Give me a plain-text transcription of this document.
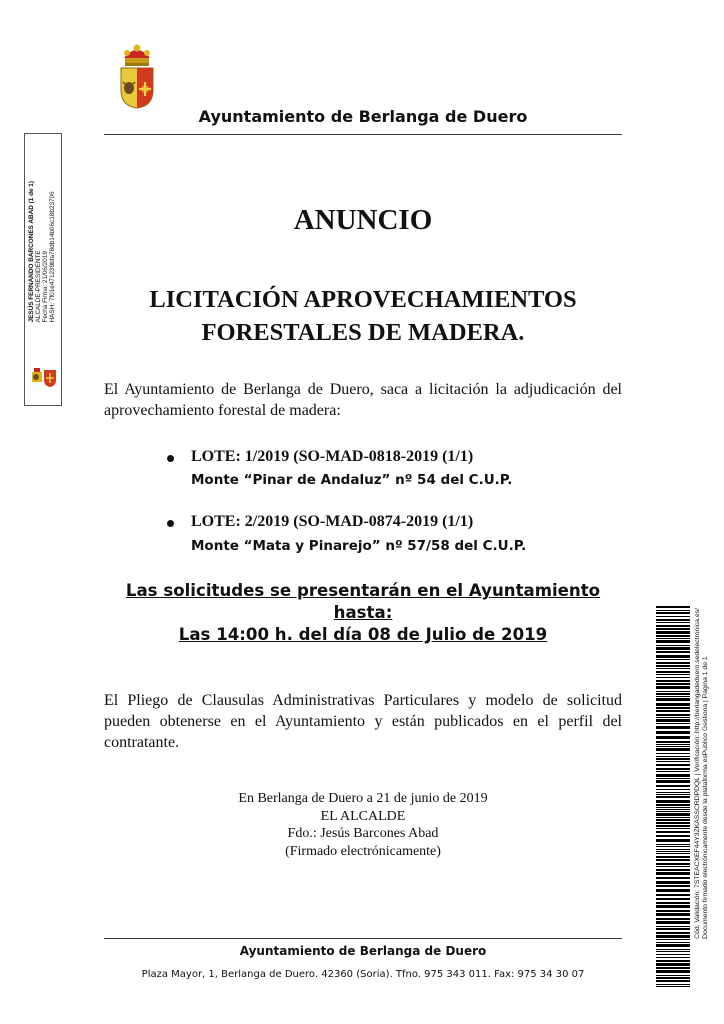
Ayuntamiento de Berlanga de Duero
JESÚS FERNANDO BARCONES ABAD (1 de 1) ALCALDE-PRESIDENTE Fecha Firma: 21/06/2019 HASH: 7f01e471239bfa78db14b06c18b23706	ANUNCIO
LICITACIÓN APROVECHAMIENTOS
FORESTALES DE MADERA.
El Ayuntamiento de Berlanga de Duero, saca a licitación la adjudicación del aprovechamiento forestal de madera:
LOTE: 1/2019 (SO-MAD-0818-2019 (1/1)
Monte “Pinar de Andaluz” nº 54 del C.U.P.
LOTE: 2/2019 (SO-MAD-0874-2019 (1/1)
Monte “Mata y Pinarejo” nº 57/58 del C.U.P.
Las solicitudes se presentarán en el Ayuntamiento
hasta:
Las 14:00 h. del día 08 de Julio de 2019
El Pliego de Clausulas Administrativas Particulares y modelo de solicitud pueden obtenerse en el Ayuntamiento y están publicados en el perfil del contratante.
En Berlanga de Duero a 21 de junio de 2019
EL ALCALDE
Fdo.: Jesús Barcones Abad
(Firmado electrónicamente)
Ayuntamiento de Berlanga de Duero
Plaza Mayor, 1, Berlanga de Duero. 42360 (Soria). Tfno. 975 343 011. Fax: 975 34 30 07
Cód. Validación: 7STEACXEF44Y3ZKASSCRDPDQL | Verificación: http://berlangadeduero.sedelectronica.es/ Documento firmado electrónicamente desde la plataforma esPublico Gestiona | Página 1 de 1
